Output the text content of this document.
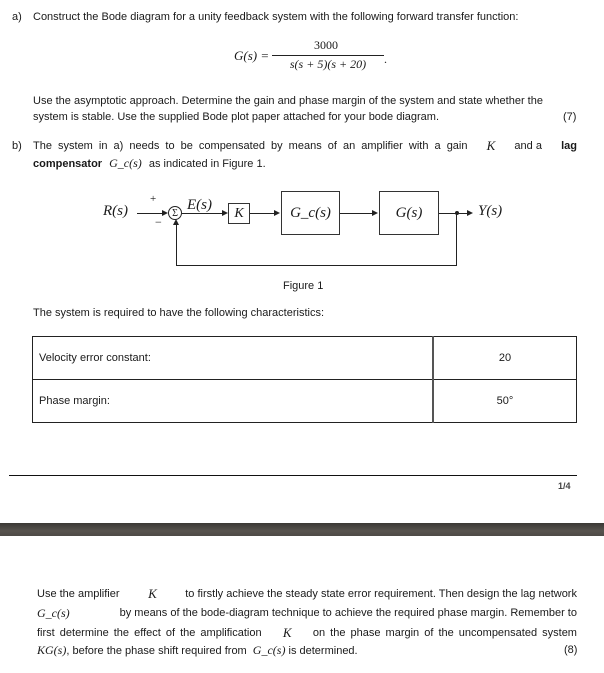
a) Construct the Bode diagram for a unity feedback system with the following forward transfer function:
G(s) =
3000
s(s + 5)(s + 20)	.
Use the asymptotic approach. Determine the gain and phase margin of the system and state whether the
system is stable. Use the supplied Bode plot paper attached for your bode diagram.	(7)
b) The system in a) needs to be compensated by means of an amplifier with a gain K and a lag
compensator G_c(s) as indicated in Figure 1.
R(s)
+
−
Σ E(s) K	G_c(s)	G(s)	Y(s)
Figure 1
The system is required to have the following characteristics:
Velocity error constant:	20
Phase margin:	50°
1/4
Use the amplifier K	to firstly achieve the steady state error requirement. Then design the lag network
G_c(s)	by means of the bode-diagram technique to achieve the required phase margin. Remember to
first determine the effect of the amplification K on the phase margin of the uncompensated system
KG(s), before the phase shift required from G_c(s) is determined.	(8)
